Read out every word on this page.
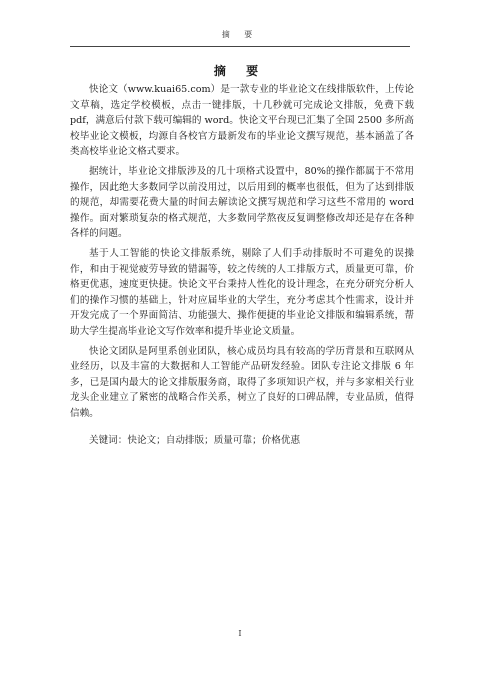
摘 要
摘 要

快论文（www.kuai65.com）是一款专业的毕业论文在线排版软件，上传论文草稿，选定学校模板，点击一键排版，十几秒就可完成论文排版，免费下载 pdf，满意后付款下载可编辑的 word。快论文平台现已汇集了全国 2500 多所高校毕业论文模板，均源自各校官方最新发布的毕业论文撰写规范，基本涵盖了各类高校毕业论文格式要求。

据统计，毕业论文排版涉及的几十项格式设置中，80%的操作都属于不常用操作，因此绝大多数同学以前没用过，以后用到的概率也很低，但为了达到排版的规范，却需要花费大量的时间去解读论文撰写规范和学习这些不常用的 word 操作。面对繁琐复杂的格式规范，大多数同学熬夜反复调整修改却还是存在各种各样的问题。

基于人工智能的快论文排版系统，剔除了人们手动排版时不可避免的误操作，和由于视觉疲劳导致的错漏等，较之传统的人工排版方式，质量更可靠，价格更优惠，速度更快捷。快论文平台秉持人性化的设计理念，在充分研究分析人们的操作习惯的基础上，针对应届毕业的大学生，充分考虑其个性需求，设计并开发完成了一个界面简洁、功能强大、操作便捷的毕业论文排版和编辑系统，帮助大学生提高毕业论文写作效率和提升毕业论文质量。

快论文团队是阿里系创业团队，核心成员均具有较高的学历背景和互联网从业经历，以及丰富的大数据和人工智能产品研发经验。团队专注论文排版 6 年多，已是国内最大的论文排版服务商，取得了多项知识产权，并与多家相关行业龙头企业建立了紧密的战略合作关系，树立了良好的口碑品牌，专业品质，值得信赖。

关键词：快论文；自动排版；质量可靠；价格优惠

I
